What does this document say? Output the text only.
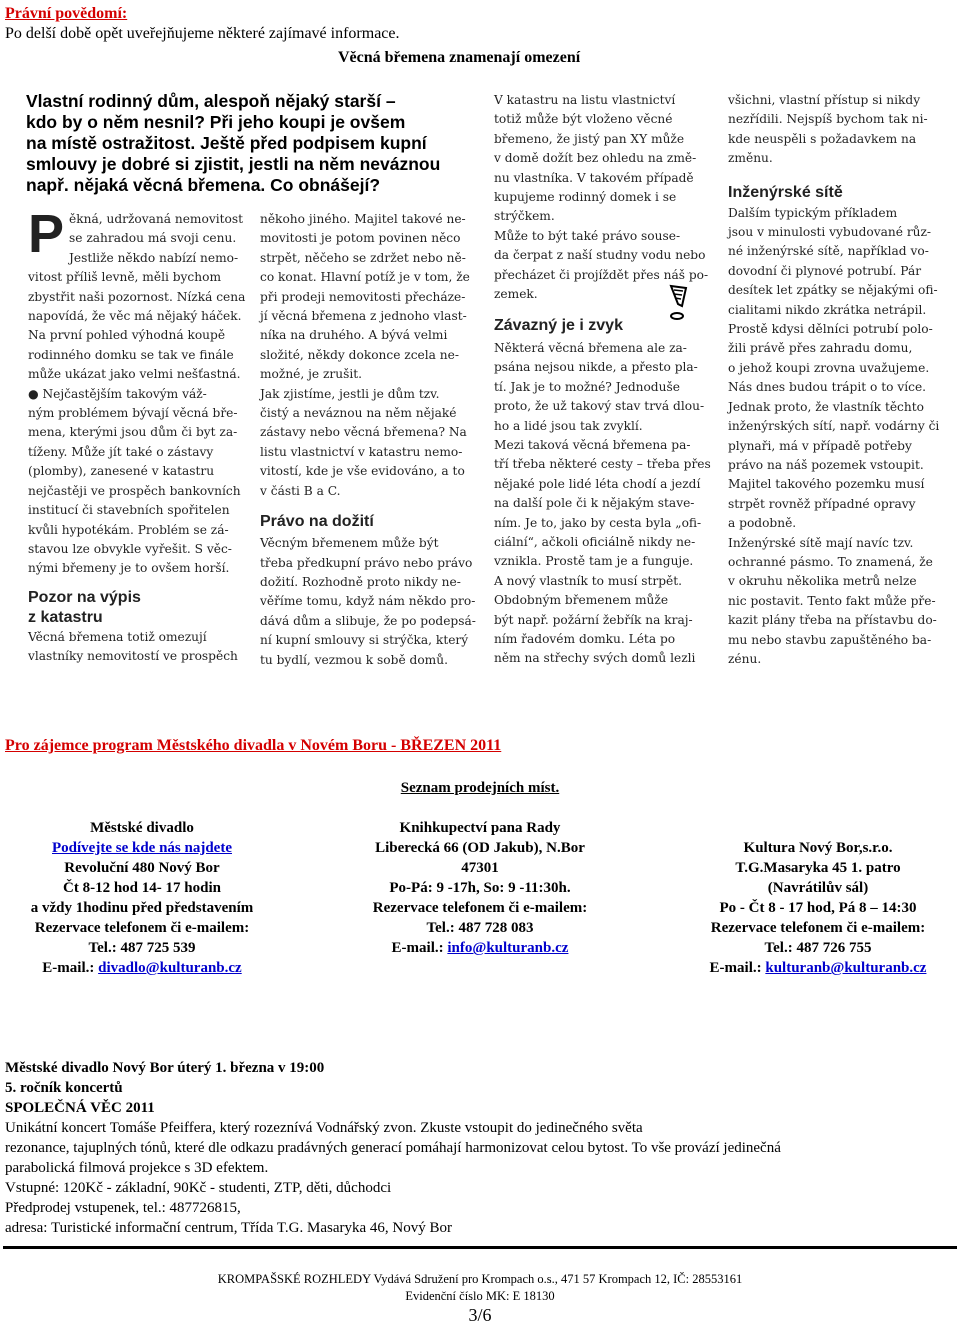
Právní povědomí:
Po delší době opět uveřejňujeme některé zajímavé informace.
Věcná břemena znamenají omezení
Vlastní rodinný dům, alespoň nějaký starší –
kdo by o něm nesnil? Při jeho koupi je ovšem
na místě ostražitost. Ještě před podpisem kupní
smlouvy je dobré si zjistit, jestli na něm neváznou
např. nějaká věcná břemena. Co obnášejí?
P ěkná, udržovaná nemovitost

se zahradou má svoji cenu.

Jestliže někdo nabízí nemo-

vitost příliš levně, měli bychom

zbystřit naši pozornost. Nízká cena

napovídá, že věc má nějaký háček.

Na první pohled výhodná koupě

rodinného domku se tak ve finále

může ukázat jako velmi nešťastná.

● Nejčastějším takovým váž-

ným problémem bývají věcná bře-

mena, kterými jsou dům či byt za-

tíženy. Může jít také o zástavy

(plomby), zanesené v katastru

nejčastěji ve prospěch bankovních

institucí či stavebních spořitelen

kvůli hypotékám. Problém se zá-

stavou lze obvykle vyřešit. S věc-

nými břemeny je to ovšem horší.

Pozor na výpis
z katastru

Věcná břemena totiž omezují

vlastníky nemovitostí ve prospěch

někoho jiného. Majitel takové ne-

movitosti je potom povinen něco

strpět, něčeho se zdržet nebo ně-

co konat. Hlavní potíž je v tom, že

při prodeji nemovitosti přecháze-

jí věcná břemena z jednoho vlast-

níka na druhého. A bývá velmi

složité, někdy dokonce zcela ne-

možné, je zrušit.

Jak zjistíme, jestli je dům tzv.

čistý a neváznou na něm nějaké

zástavy nebo věcná břemena? Na

listu vlastnictví v katastru nemo-

vitostí, kde je vše evidováno, a to

v části B a C.

Právo na dožití

Věcným břemenem může být

třeba předkupní právo nebo právo

dožití. Rozhodně proto nikdy ne-

věříme tomu, když nám někdo pro-

dává dům a slibuje, že po podepsá-

ní kupní smlouvy si strýčka, který

tu bydlí, vezmou k sobě domů.

V katastru na listu vlastnictví

totiž může být vloženo věcné

břemeno, že jistý pan XY může

v domě dožít bez ohledu na změ-

nu vlastníka. V takovém případě

kupujeme rodinný domek i se

strýčkem.

Může to být také právo souse-

da čerpat z naší studny vodu nebo

přecházet či projíždět přes náš po-

zemek.

Závazný je i zvyk

Některá věcná břemena ale za-

psána nejsou nikde, a přesto pla-

tí. Jak je to možné? Jednoduše

proto, že už takový stav trvá dlou-

ho a lidé jsou tak zvyklí.

Mezi taková věcná břemena pa-

tří třeba některé cesty – třeba přes

nějaké pole lidé léta chodí a jezdí

na další pole či k nějakým stave-

ním. Je to, jako by cesta byla „ofi-

ciální“, ačkoli oficiálně nikdy ne-

vznikla. Prostě tam je a funguje.

A nový vlastník to musí strpět.

Obdobným břemenem může

být např. požární žebřík na kraj-

ním řadovém domku. Léta po

něm na střechy svých domů lezli

všichni, vlastní přístup si nikdy

nezřídili. Nejspíš bychom tak ni-

kde neuspěli s požadavkem na

změnu.

Inženýrské sítě

Dalším typickým příkladem

jsou v minulosti vybudované růz-

né inženýrské sítě, například vo-

dovodní či plynové potrubí. Pár

desítek let zpátky se nějakými ofi-

cialitami nikdo zkrátka netrápil.

Prostě kdysi dělníci potrubí polo-

žili právě přes zahradu domu,

o jehož koupi zrovna uvažujeme.

Nás dnes budou trápit o to více.

Jednak proto, že vlastník těchto

inženýrských sítí, např. vodárny či

plynaři, má v případě potřeby

právo na náš pozemek vstoupit.

Majitel takového pozemku musí

strpět rovněž případné opravy

a podobně.

Inženýrské sítě mají navíc tzv.

ochranné pásmo. To znamená, že

v okruhu několika metrů nelze

nic postavit. Tento fakt může pře-

kazit plány třeba na přístavbu do-

mu nebo stavbu zapuštěného ba-

zénu.

Pro zájemce program Městského divadla v Novém Boru - BŘEZEN 2011
Seznam prodejních míst.
Městské divadlo
Podívejte se kde nás najdete
Revoluční 480 Nový Bor
Čt 8-12 hod 14- 17 hodin
a vždy 1hodinu před představením
Rezervace telefonem či e-mailem:
Tel.: 487 725 539
E-mail.: divadlo@kulturanb.cz
Knihkupectví pana Rady
Liberecká 66 (OD Jakub), N.Bor
47301
Po-Pá: 9 -17h, So: 9 -11:30h.
Rezervace telefonem či e-mailem:
Tel.: 487 728 083
E-mail.: info@kulturanb.cz
Kultura Nový Bor,s.r.o.
T.G.Masaryka 45 1. patro
(Navrátilův sál)
Po - Čt 8 - 17 hod, Pá 8 – 14:30
Rezervace telefonem či e-mailem:
Tel.: 487 726 755
E-mail.: kulturanb@kulturanb.cz
Městské divadlo Nový Bor úterý 1. března v 19:00
5. ročník koncertů
SPOLEČNÁ VĚC 2011
Unikátní koncert Tomáše Pfeiffera, který rozeznívá Vodnářský zvon. Zkuste vstoupit do jedinečného světa
rezonance, tajuplných tónů, které dle odkazu pradávných generací pomáhají harmonizovat celou bytost. To vše provází jedinečná
parabolická filmová projekce s 3D efektem.
Vstupné: 120Kč - základní, 90Kč - studenti, ZTP, děti, důchodci
Předprodej vstupenek, tel.: 487726815,
adresa: Turistické informační centrum, Třída T.G. Masaryka 46, Nový Bor
KROMPAŠSKÉ ROZHLEDY Vydává Sdružení pro Krompach o.s., 471 57 Krompach 12, IČ: 28553161
Evidenční číslo MK: E 18130
3/6
